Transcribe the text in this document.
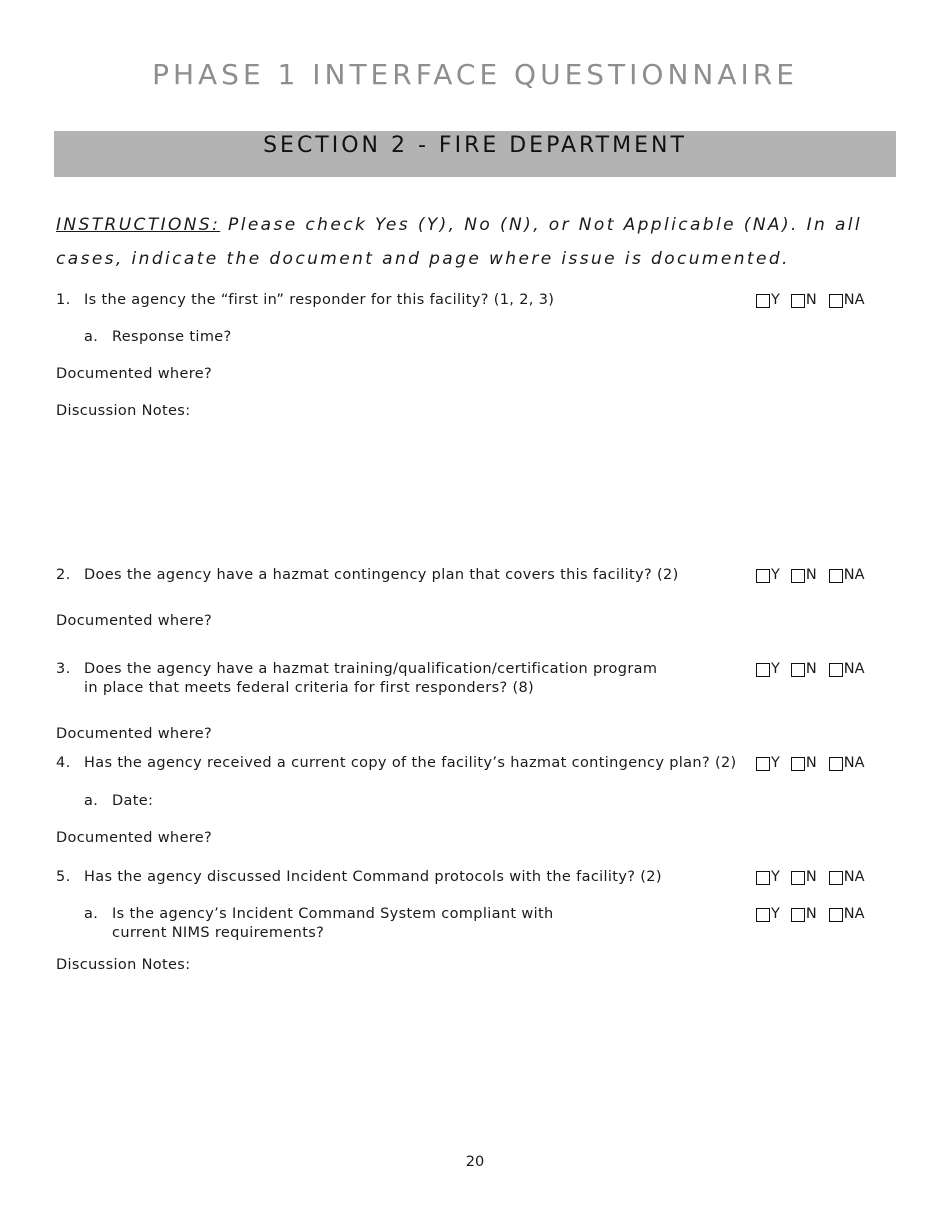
PHASE 1 INTERFACE QUESTIONNAIRE
SECTION 2 - FIRE DEPARTMENT
INSTRUCTIONS: Please check Yes (Y), No (N), or Not Applicable (NA). In all cases, indicate the document and page where issue is documented.
1. Is the agency the “first in” responder for this facility? (1, 2, 3)	Y N NA
a. Response time?
Documented where?
Discussion Notes:
2. Does the agency have a hazmat contingency plan that covers this facility? (2)	Y N NA
Documented where?
3. Does the agency have a hazmat training/qualification/certification program
in place that meets federal criteria for first responders? (8)
Y N NA
Documented where?
4. Has the agency received a current copy of the facility’s hazmat contingency plan? (2) Y N NA
a. Date:
Documented where?
5. Has the agency discussed Incident Command protocols with the facility? (2)	Y N NA
a. Is the agency’s Incident Command System compliant with
current NIMS requirements?
Y N NA
Discussion Notes:
20
